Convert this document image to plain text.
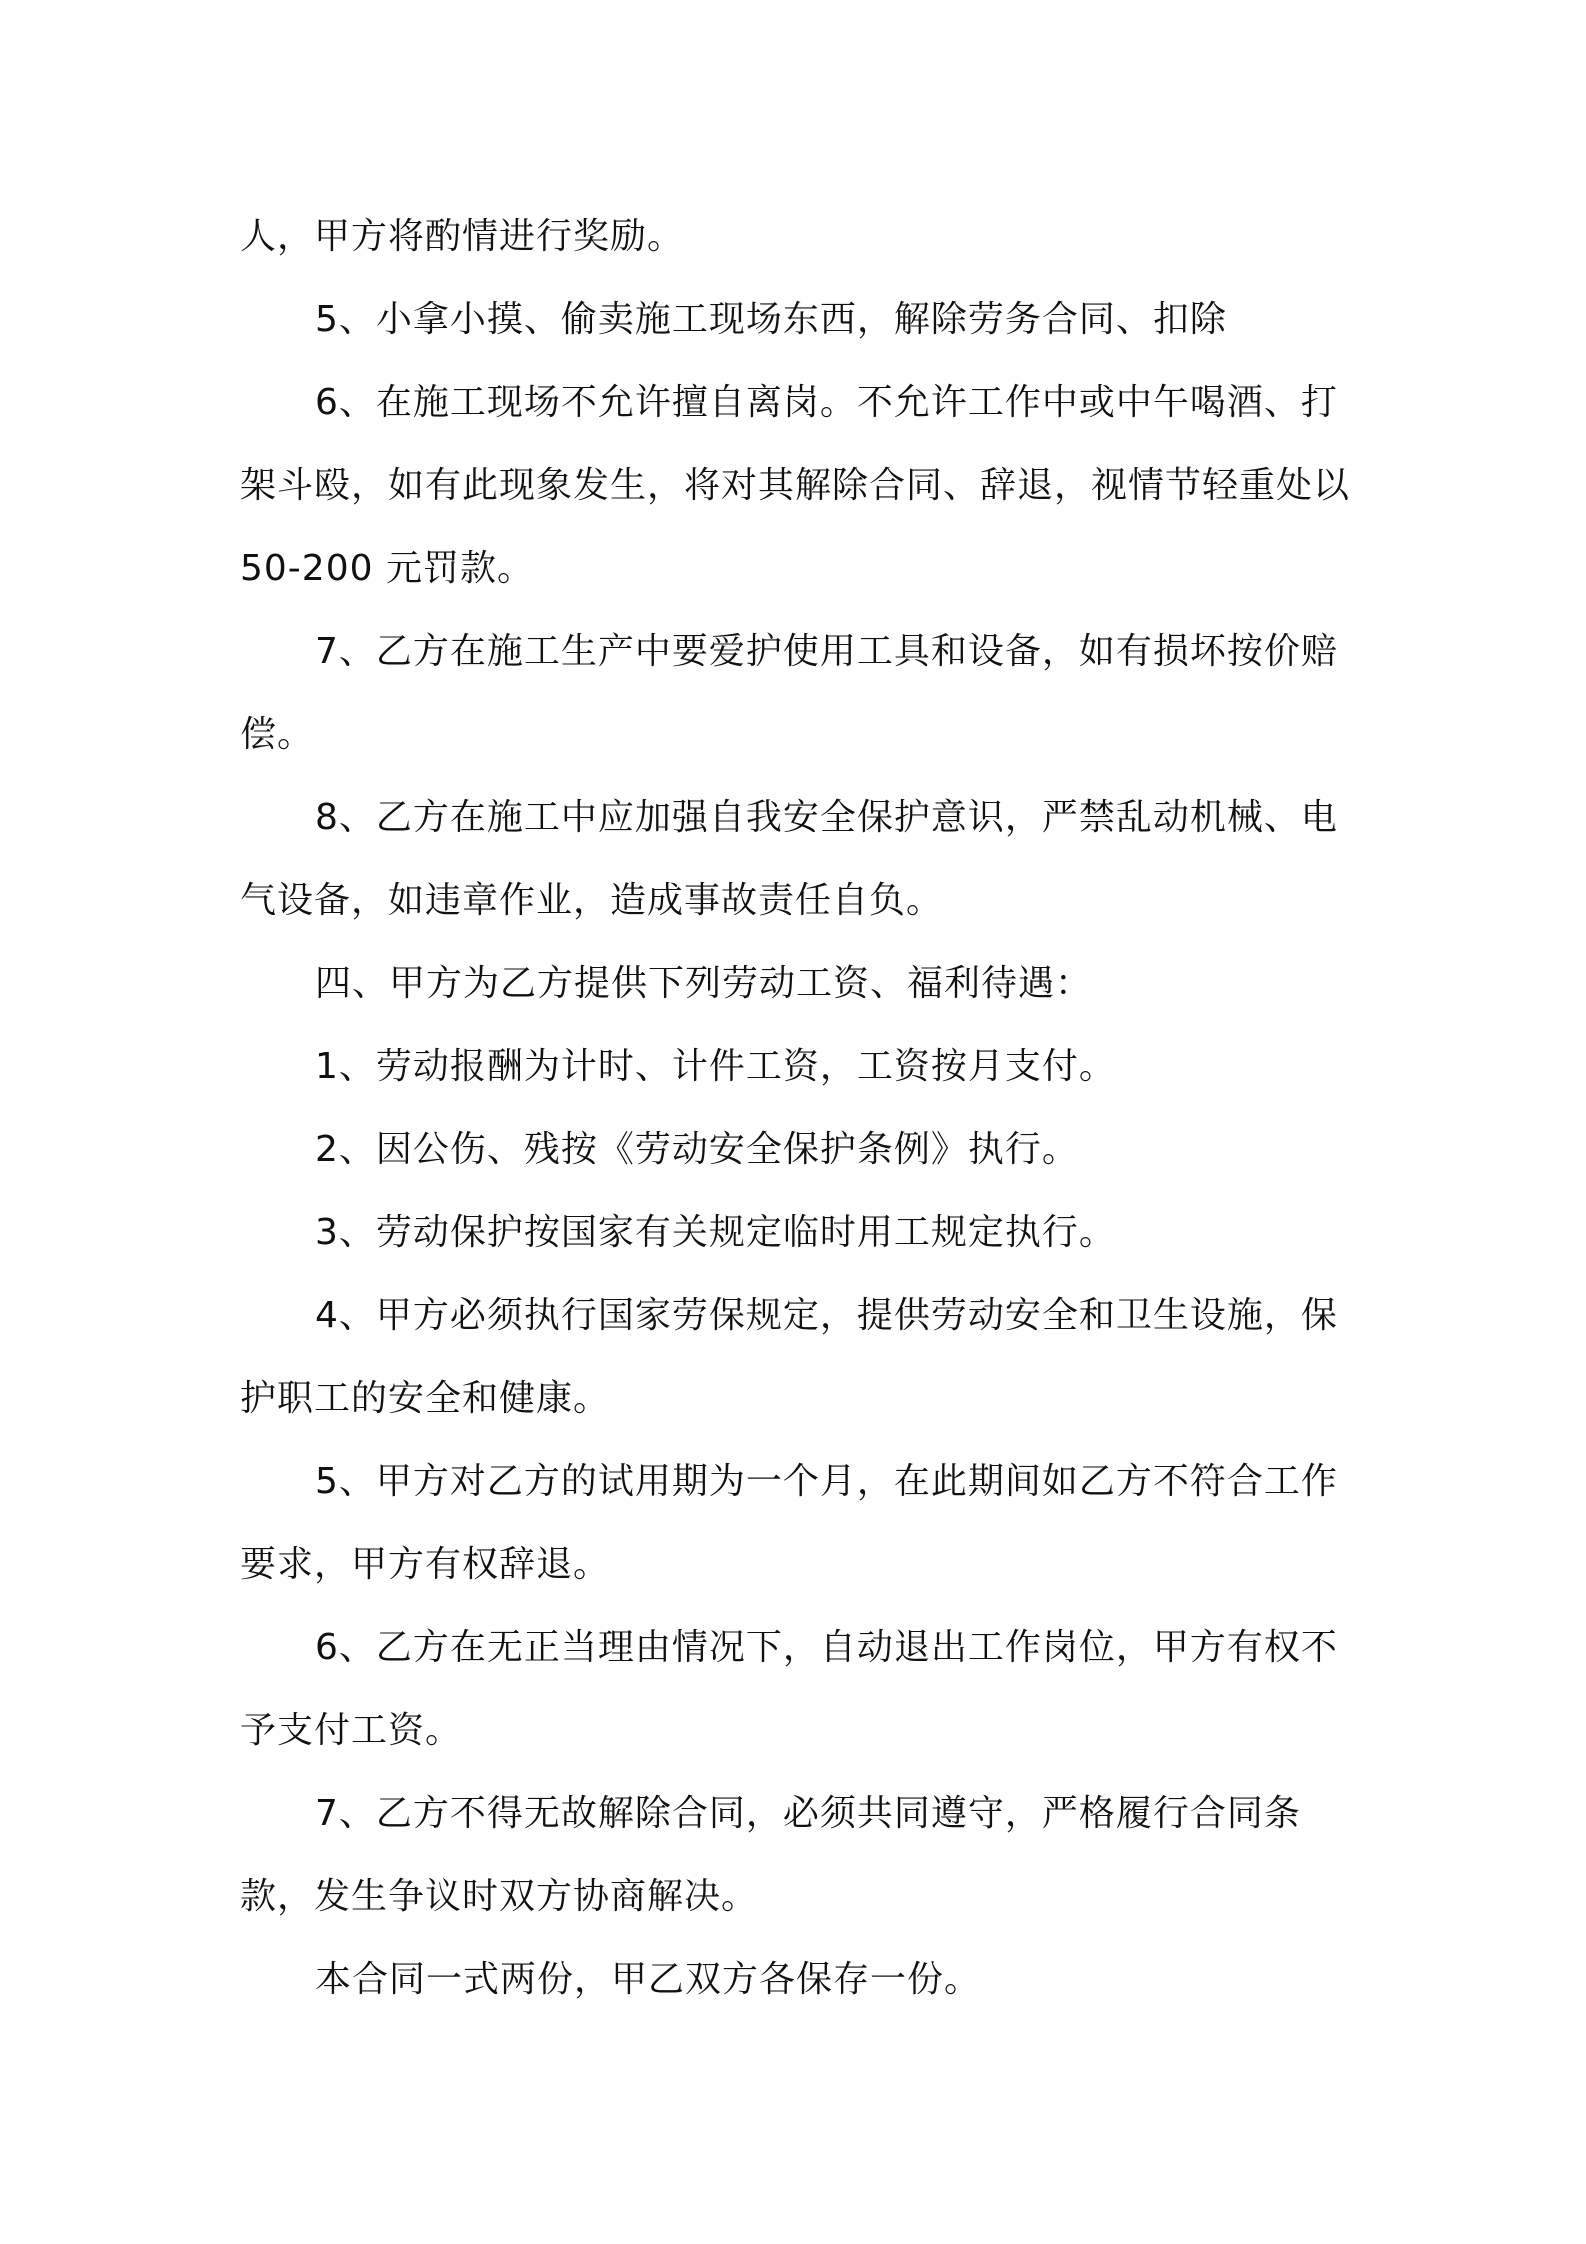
人，甲方将酌情进行奖励。

5、小拿小摸、偷卖施工现场东西，解除劳务合同、扣除

6、在施工现场不允许擅自离岗。不允许工作中或中午喝酒、打架斗殴，如有此现象发生，将对其解除合同、辞退，视情节轻重处以50-200 元罚款。

7、乙方在施工生产中要爱护使用工具和设备，如有损坏按价赔偿。

8、乙方在施工中应加强自我安全保护意识，严禁乱动机械、电气设备，如违章作业，造成事故责任自负。

四、甲方为乙方提供下列劳动工资、福利待遇：

1、劳动报酬为计时、计件工资，工资按月支付。

2、因公伤、残按《劳动安全保护条例》执行。

3、劳动保护按国家有关规定临时用工规定执行。

4、甲方必须执行国家劳保规定，提供劳动安全和卫生设施，保护职工的安全和健康。

5、甲方对乙方的试用期为一个月，在此期间如乙方不符合工作要求，甲方有权辞退。

6、乙方在无正当理由情况下，自动退出工作岗位，甲方有权不予支付工资。

7、乙方不得无故解除合同，必须共同遵守，严格履行合同条款，发生争议时双方协商解决。

本合同一式两份，甲乙双方各保存一份。
